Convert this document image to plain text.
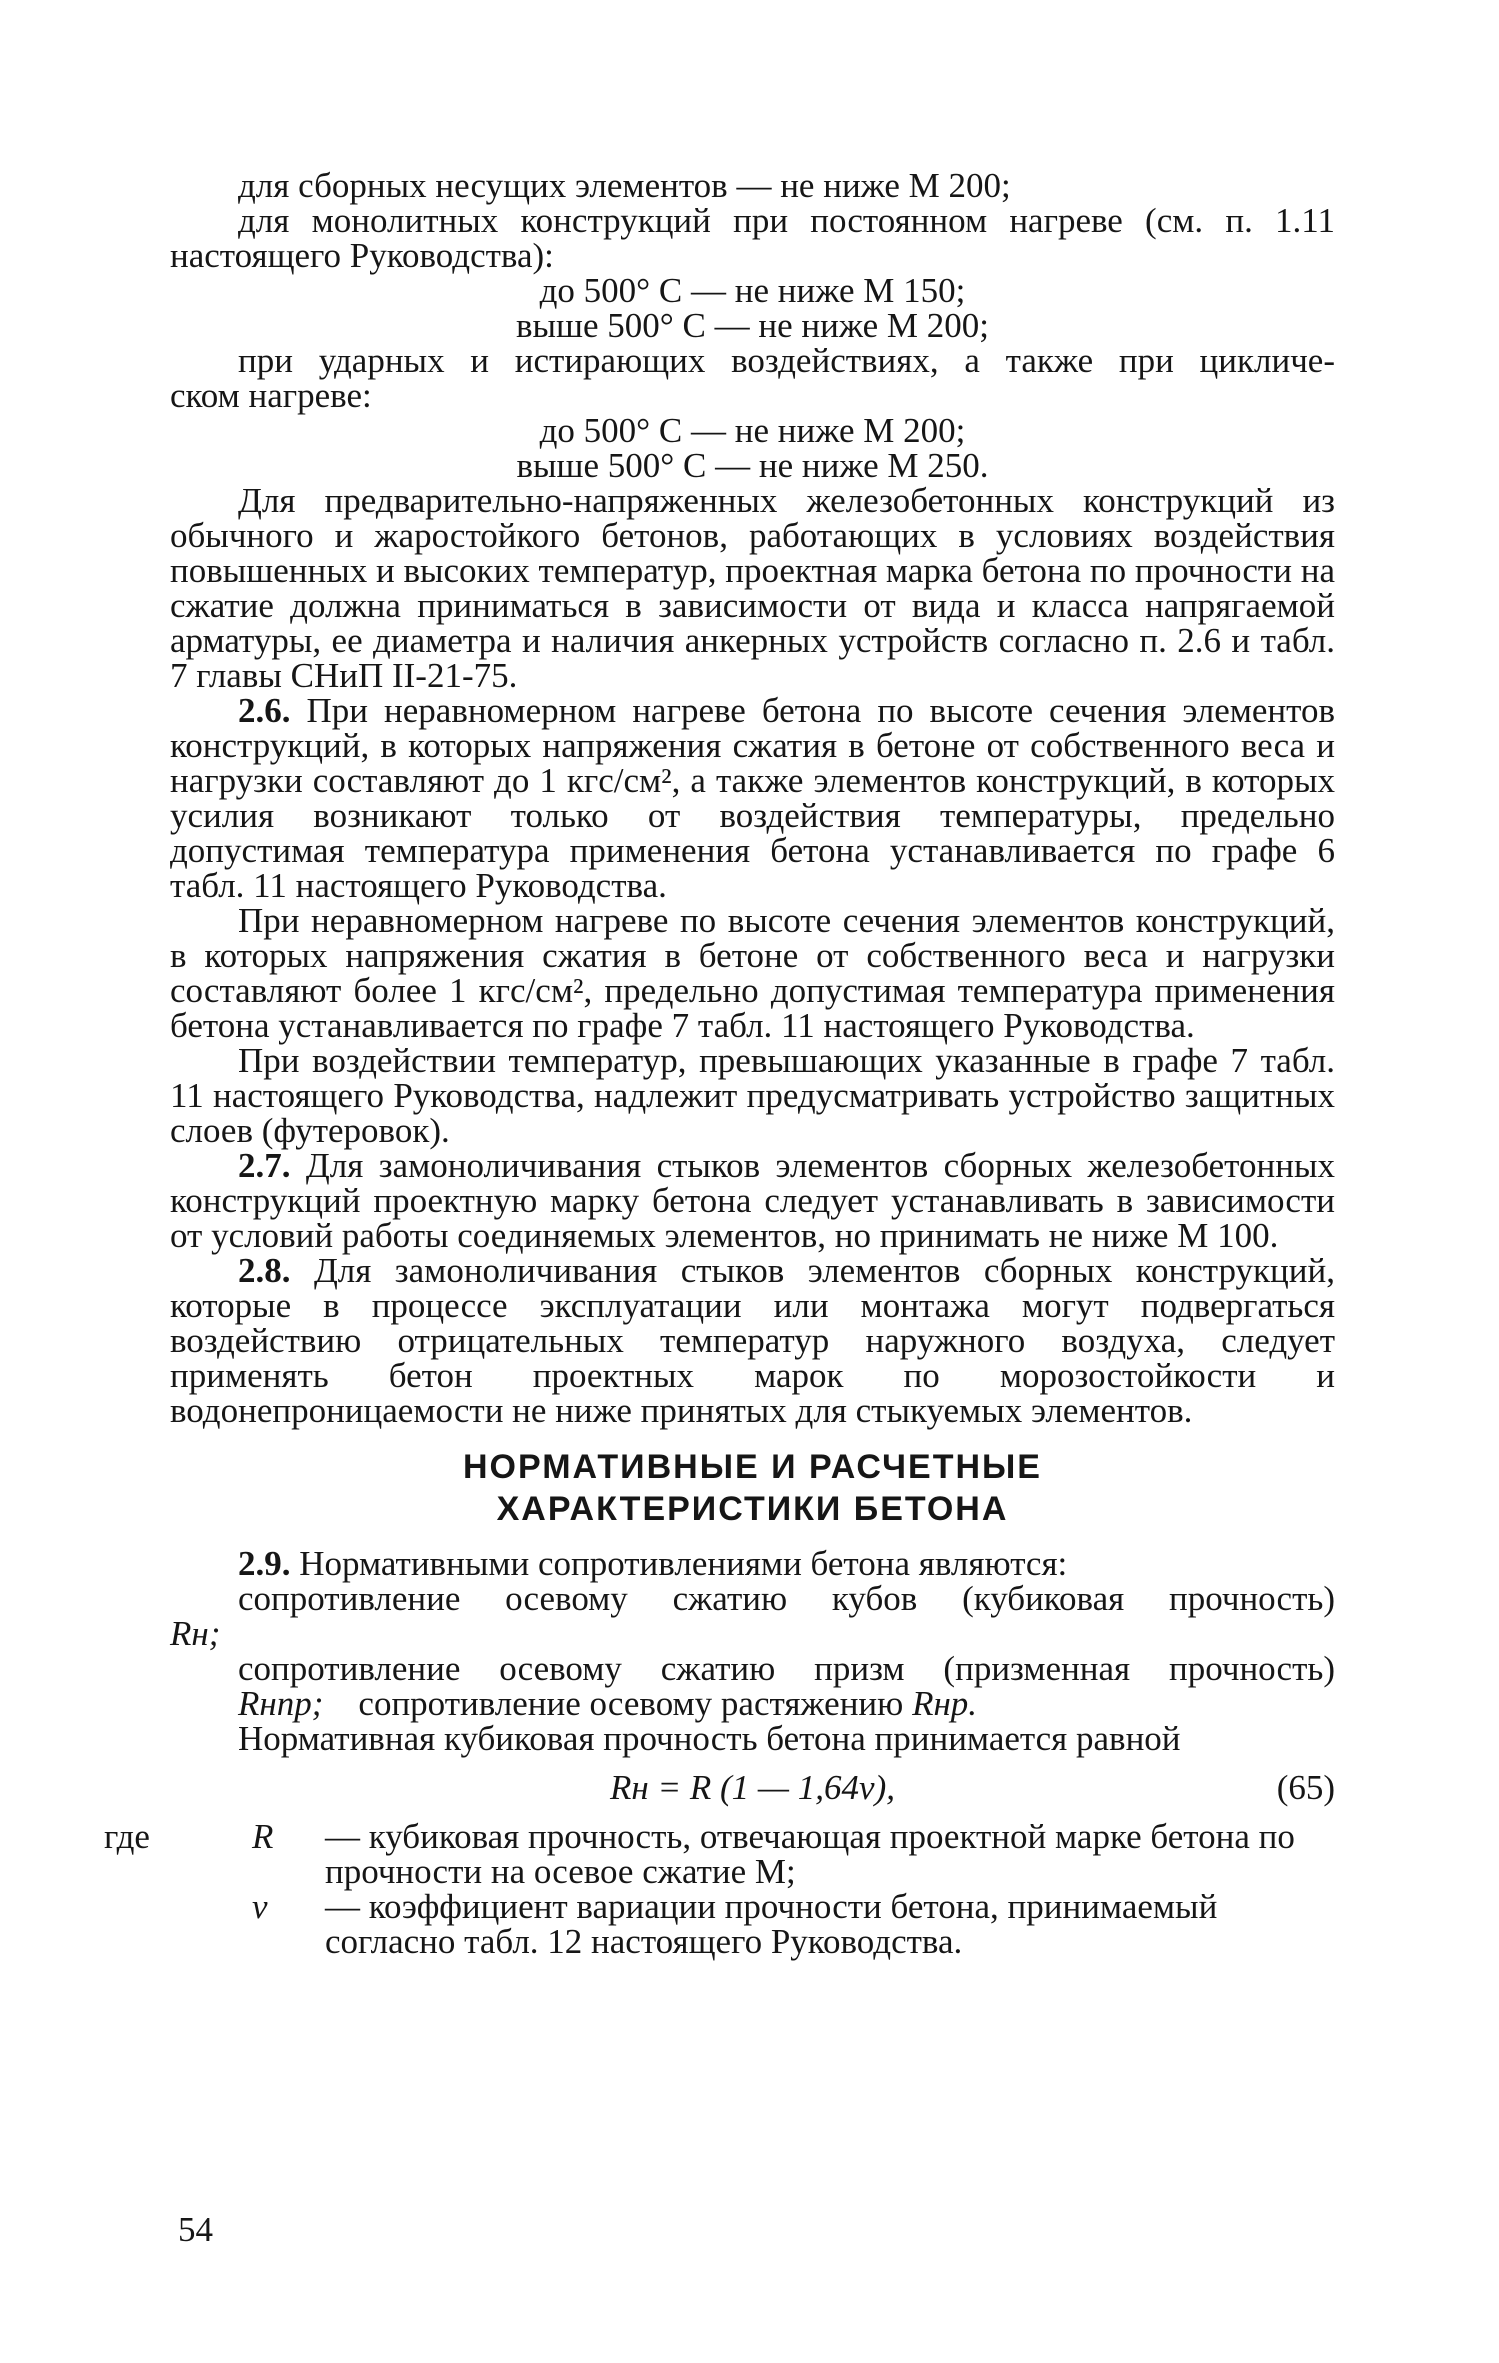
для сборных несущих элементов — не ниже М 200;

для монолитных конструкций при постоянном нагреве (см. п. 1.11

настоящего Руководства):

до 500° С — не ниже М 150;

выше 500° С — не ниже М 200;

при ударных и истирающих воздействиях, а также при цикличе-

ском нагреве:

до 500° С — не ниже М 200;

выше 500° С — не ниже М 250.

Для предварительно-напряженных железобетонных конструкций из обычного и жаростойкого бетонов, работающих в условиях воздействия повышенных и высоких температур, проектная марка бетона по прочности на сжатие должна приниматься в зависимости от вида и класса напрягаемой арматуры, ее диаметра и наличия анкерных устройств согласно п. 2.6 и табл. 7 главы СНиП II-21-75.

2.6. При неравномерном нагреве бетона по высоте сечения элементов конструкций, в которых напряжения сжатия в бетоне от собственного веса и нагрузки составляют до 1 кгс/см², а также элементов конструкций, в которых усилия возникают только от воздействия температуры, предельно допустимая температура применения бетона устанавливается по графе 6 табл. 11 настоящего Руководства.

При неравномерном нагреве по высоте сечения элементов конструкций, в которых напряжения сжатия в бетоне от собственного веса и нагрузки составляют более 1 кгс/см², предельно допустимая температура применения бетона устанавливается по графе 7 табл. 11 настоящего Руководства.

При воздействии температур, превышающих указанные в графе 7 табл. 11 настоящего Руководства, надлежит предусматривать устройство защитных слоев (футеровок).

2.7. Для замоноличивания стыков элементов сборных железобетонных конструкций проектную марку бетона следует устанавливать в зависимости от условий работы соединяемых элементов, но принимать не ниже М 100.

2.8. Для замоноличивания стыков элементов сборных конструкций, которые в процессе эксплуатации или монтажа могут подвергаться воздействию отрицательных температур наружного воздуха, следует применять бетон проектных марок по морозостойкости и водонепроницаемости не ниже принятых для стыкуемых элементов.

НОРМАТИВНЫЕ И РАСЧЕТНЫЕ
ХАРАКТЕРИСТИКИ БЕТОНА

2.9. Нормативными сопротивлениями бетона являются:

сопротивление осевому сжатию кубов (кубиковая прочность)

Rн;

сопротивление осевому сжатию призм (призменная прочность)

Rнпр; сопротивление осевому растяжению Rнр.

Нормативная кубиковая прочность бетона принимается равной

Rн = R (1 — 1,64v),	(65)

где	R — кубиковая прочность, отвечающая проектной марке бетона по прочности на осевое сжатие М;
v — коэффициент вариации прочности бетона, принимаемый согласно табл. 12 настоящего Руководства.
54
